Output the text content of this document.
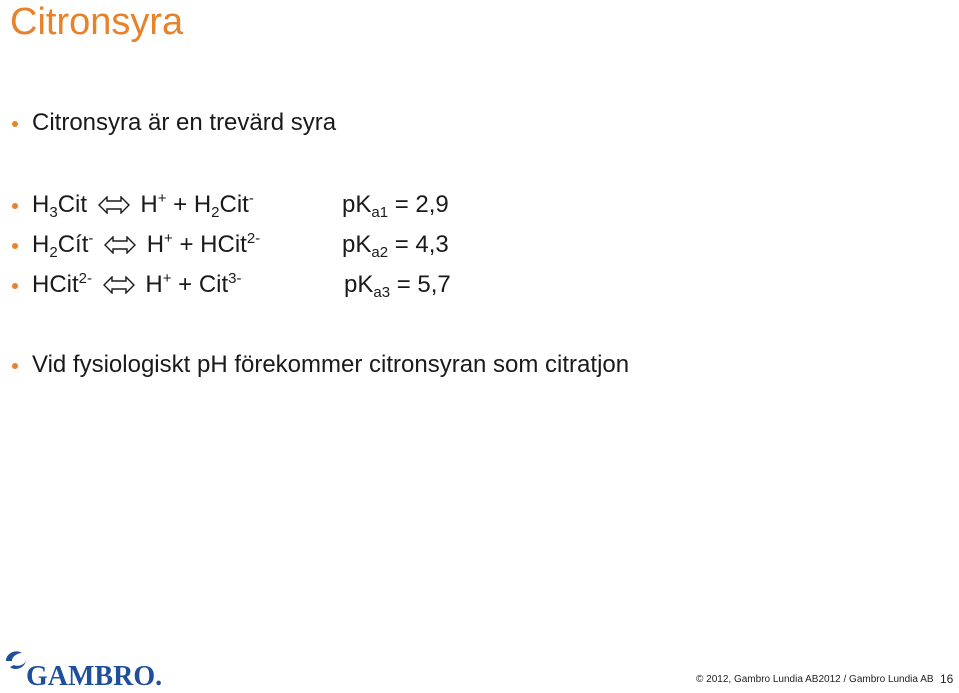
Citronsyra
Citronsyra är en trevärd syra
$H_3Cit$ ⇌ $H^+ + H_2Cit^-$	$pK_{a1} = 2,9$
$H_2Cít^-$ ⇌ H+ + HCit$^{2-}$	$pK_{a2} = 4,3$
HCit$^{2-}$ ⇌ H+ + Cit$^{3-}$	$pK_{a3} = 5,7$
Vid fysiologiskt pH förekommer citronsyran som citratjon
GAMBRO.	© 2012, Gambro Lundia AB2012 / Gambro Lundia AB 16
